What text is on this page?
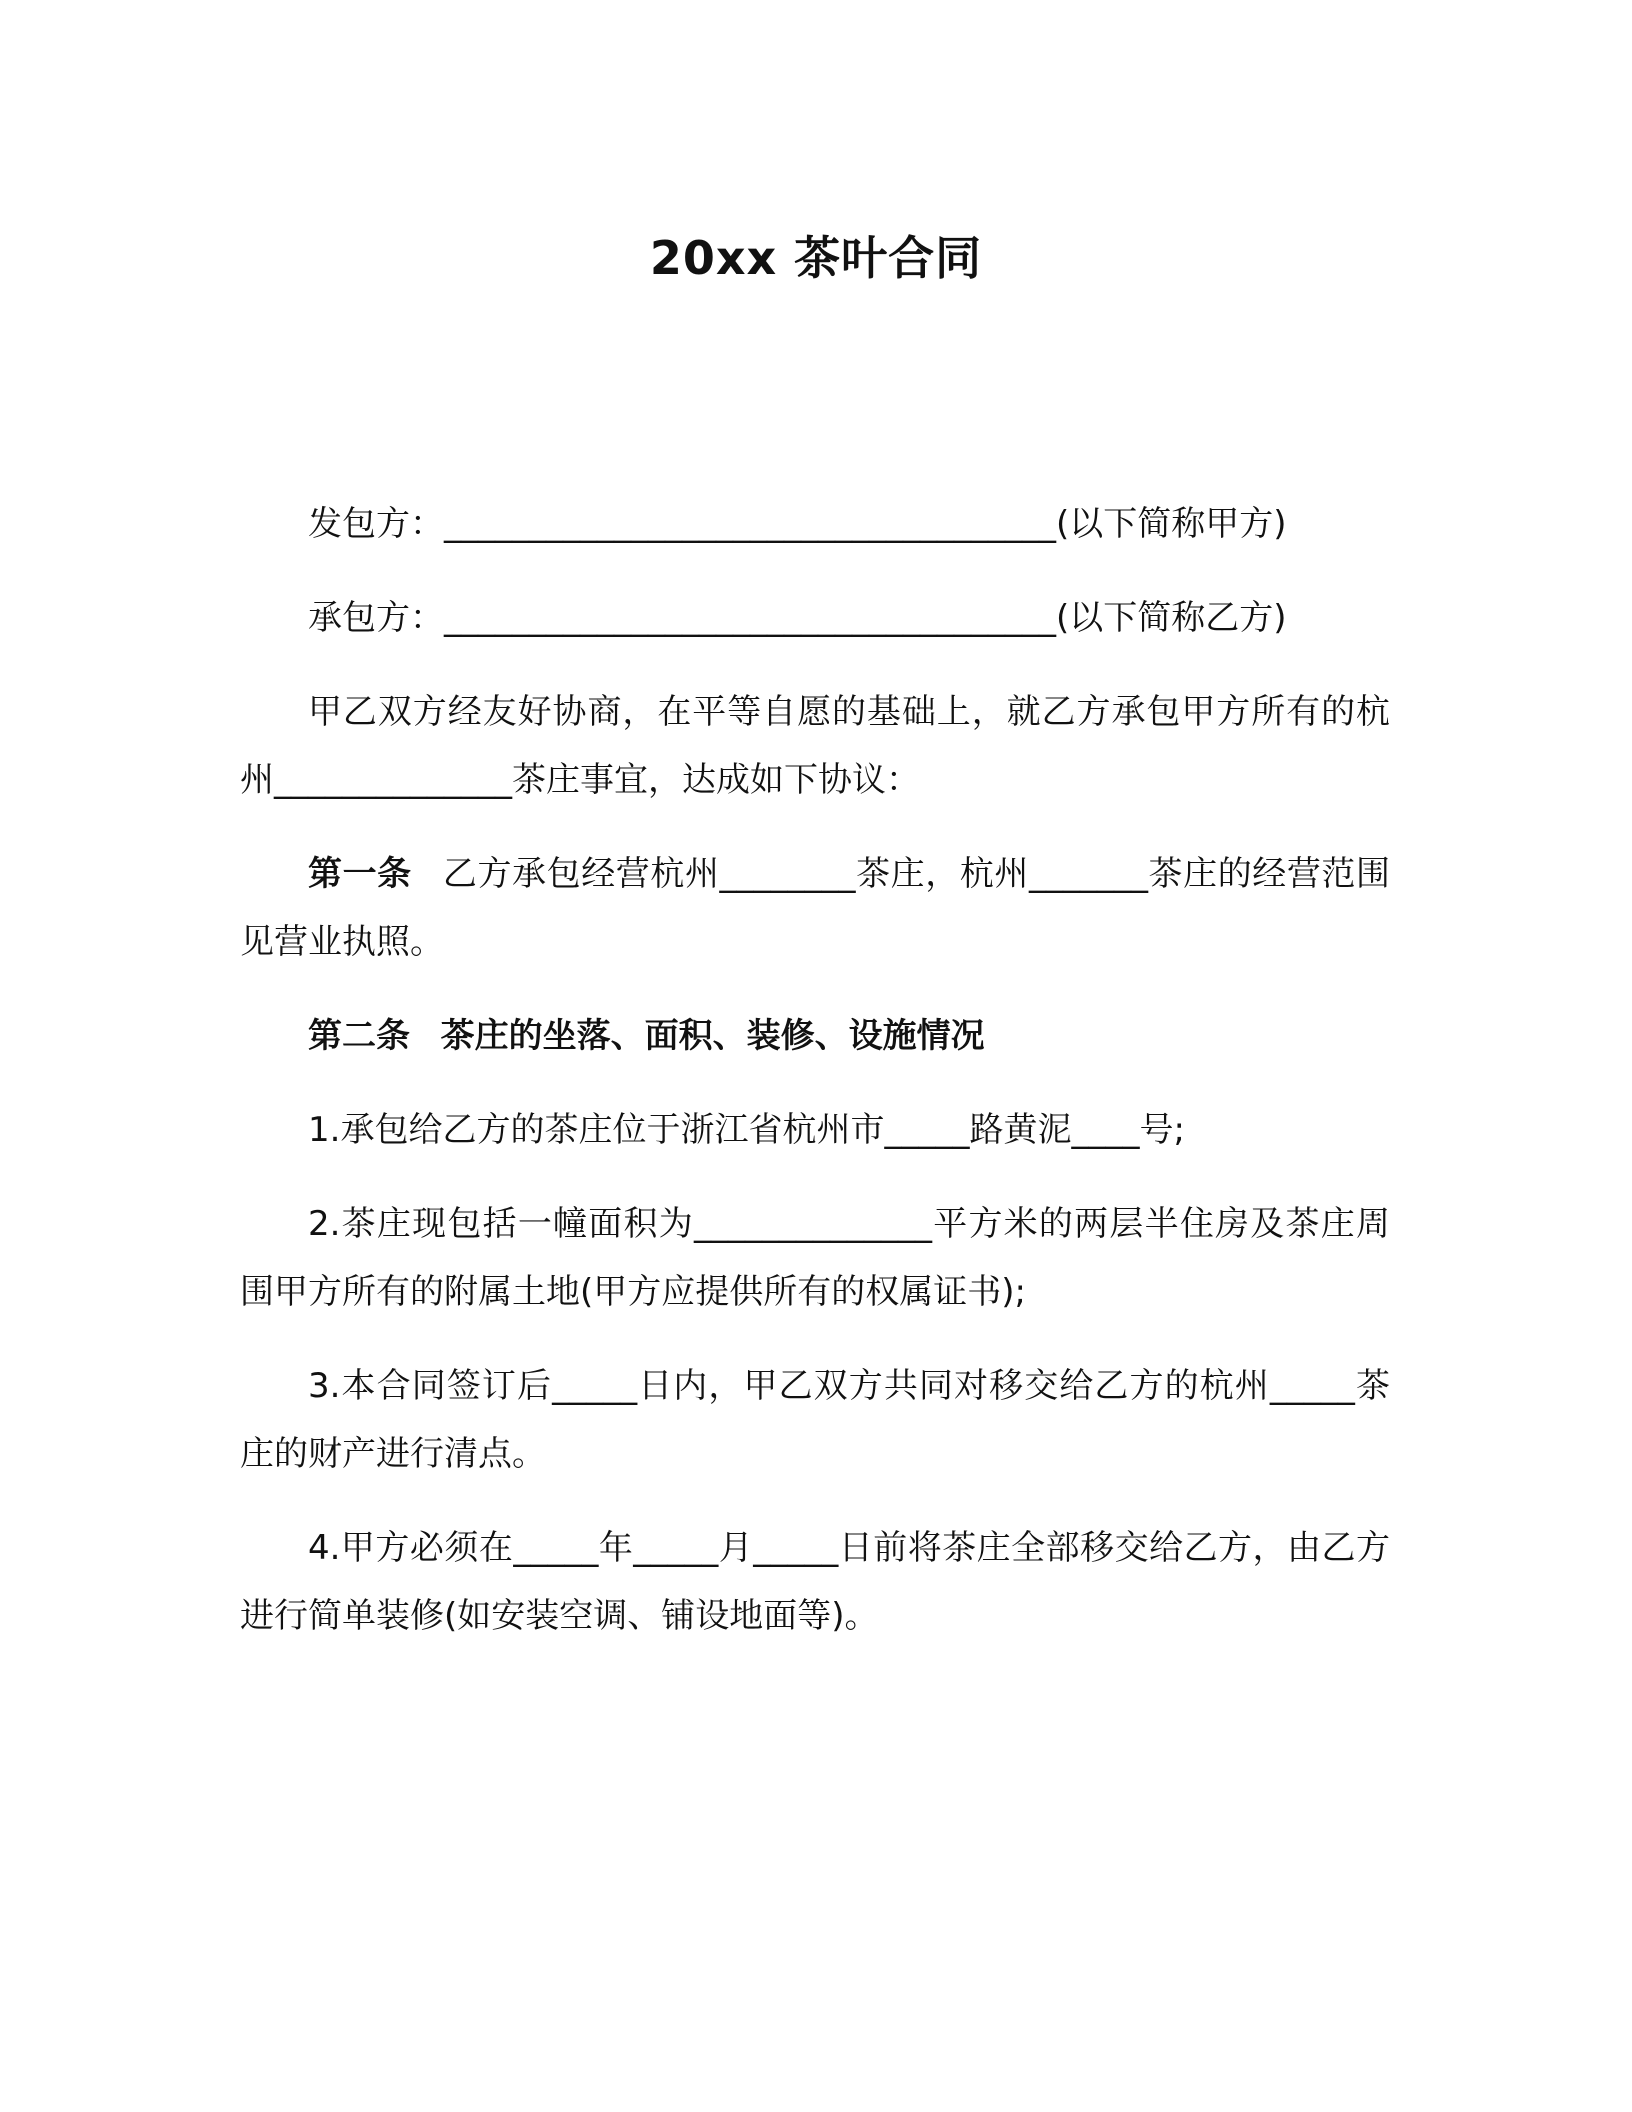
20xx 茶叶合同

发包方：____________________________________(以下简称甲方)

承包方：____________________________________(以下简称乙方)

甲乙双方经友好协商，在平等自愿的基础上，就乙方承包甲方所有的杭州______________茶庄事宜，达成如下协议：

第一条 乙方承包经营杭州________茶庄，杭州_______茶庄的经营范围见营业执照。

第二条 茶庄的坐落、面积、装修、设施情况

1.承包给乙方的茶庄位于浙江省杭州市_____路黄泥____号;

2.茶庄现包括一幢面积为______________平方米的两层半住房及茶庄周围甲方所有的附属土地(甲方应提供所有的权属证书);

3.本合同签订后_____日内，甲乙双方共同对移交给乙方的杭州_____茶庄的财产进行清点。

4.甲方必须在_____年_____月_____日前将茶庄全部移交给乙方，由乙方进行简单装修(如安装空调、铺设地面等)。
